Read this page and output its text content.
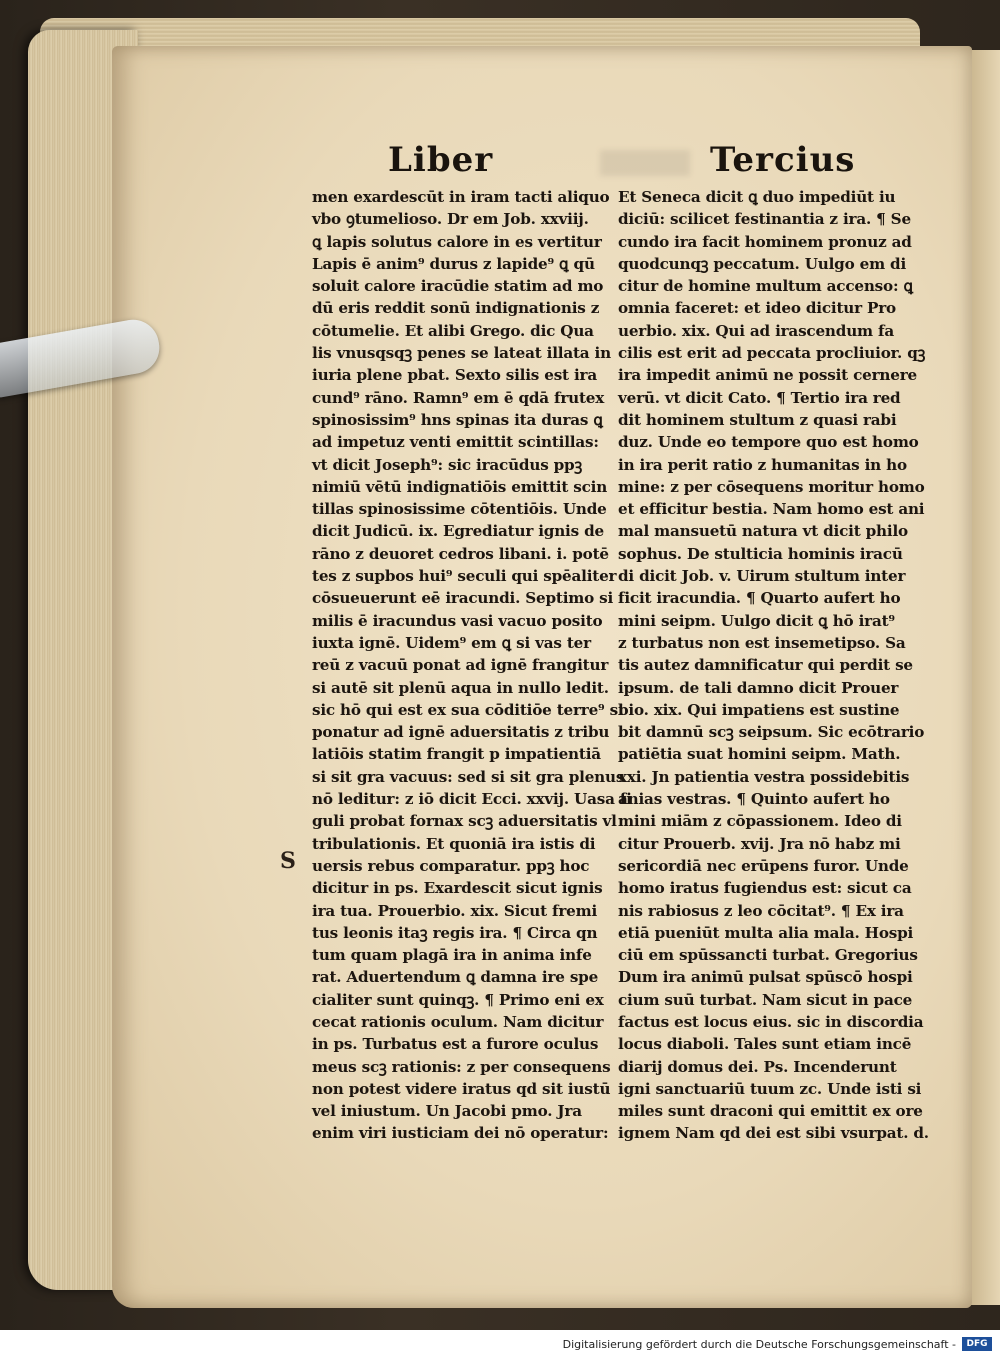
Liber	Tercius
men exardescūt in iram tacti aliquo
vbo ꝯtumelioso. Dr em Job. xxviij.
ꝗ lapis solutus calore in es vertitur
Lapis ē anim⁹ durus z lapide⁹ ꝗ qū
soluit calore iracūdie statim ad mo
dū eris reddit sonū indignationis z
cōtumelie. Et alibi Grego. dic Qua
lis vnusqsqꝫ penes se lateat illata in
iuria plene pbat. Sexto silis est ira
cund⁹ rāno. Ramn⁹ em ē qdā frutex
spinosissim⁹ hns spinas ita duras ꝗ
ad impetuz venti emittit scintillas:
vt dicit Joseph⁹: sic iracūdus ppꝫ
nimiū vētū indignatiōis emittit scin
tillas spinosissime cōtentiōis. Unde
dicit Judicū. ix. Egrediatur ignis de
rāno z deuoret cedros libani. i. potē
tes z supbos hui⁹ seculi qui spēaliter
cōsueuerunt eē iracundi. Septimo si
milis ē iracundus vasi vacuo posito
iuxta ignē. Uidem⁹ em ꝗ si vas ter
reū z vacuū ponat ad ignē frangitur
si autē sit plenū aqua in nullo ledit.
sic hō qui est ex sua cōditiōe terre⁹ si
ponatur ad ignē aduersitatis z tribu
latiōis statim frangit p impatientiā
si sit gra vacuus: sed si sit gra plenus
nō leditur: z iō dicit Ecci. xxvij. Uasa fi
guli probat fornax scꝫ aduersitatis vl
tribulationis. Et quoniā ira istis di
uersis rebus comparatur. ppꝫ hoc
dicitur in ps. Exardescit sicut ignis
ira tua. Prouerbio. xix. Sicut fremi
tus leonis itaꝫ regis ira. ¶ Circa qn
tum quam plagā ira in anima infe
rat. Aduertendum ꝗ damna ire spe
cialiter sunt quinqꝫ. ¶ Primo eni ex
cecat rationis oculum. Nam dicitur
in ps. Turbatus est a furore oculus
meus scꝫ rationis: z per consequens
non potest videre iratus qd sit iustū
vel iniustum. Un Jacobi pmo. Jra
enim viri iusticiam dei nō operatur:
Et Seneca dicit ꝗ duo impediūt iu
diciū: scilicet festinantia z ira. ¶ Se
cundo ira facit hominem pronuz ad
quodcunqꝫ peccatum. Uulgo em di
citur de homine multum accenso: ꝗ
omnia faceret: et ideo dicitur Pro
uerbio. xix. Qui ad irascendum fa
cilis est erit ad peccata procliuior. qꝫ
ira impedit animū ne possit cernere
verū. vt dicit Cato. ¶ Tertio ira red
dit hominem stultum z quasi rabi
duz. Unde eo tempore quo est homo
in ira perit ratio z humanitas in ho
mine: z per cōsequens moritur homo
et efficitur bestia. Nam homo est ani
mal mansuetū natura vt dicit philo
sophus. De stulticia hominis iracū
di dicit Job. v. Uirum stultum inter
ficit iracundia. ¶ Quarto aufert ho
mini seipm. Uulgo dicit ꝗ hō irat⁹
z turbatus non est insemetipso. Sa
tis autez damnificatur qui perdit se
ipsum. de tali damno dicit Prouer
bio. xix. Qui impatiens est sustine
bit damnū scꝫ seipsum. Sic ecōtrario
patiētia suat homini seipm. Math.
xxi. Jn patientia vestra possidebitis
anias vestras. ¶ Quinto aufert ho
mini miām z cōpassionem. Ideo di
citur Prouerb. xvij. Jra nō habz mi
sericordiā nec erūpens furor. Unde
homo iratus fugiendus est: sicut ca
nis rabiosus z leo cōcitat⁹. ¶ Ex ira
etiā pueniūt multa alia mala. Hospi
ciū em spūssancti turbat. Gregorius
Dum ira animū pulsat spūscō hospi
cium suū turbat. Nam sicut in pace
factus est locus eius. sic in discordia
locus diaboli. Tales sunt etiam incē
diarij domus dei. Ps. Incenderunt
igni sanctuariū tuum zc. Unde isti si
miles sunt draconi qui emittit ex ore
ignem Nam qd dei est sibi vsurpat. d.
S
Digitalisierung gefördert durch die Deutsche Forschungsgemeinschaft -	DFG
